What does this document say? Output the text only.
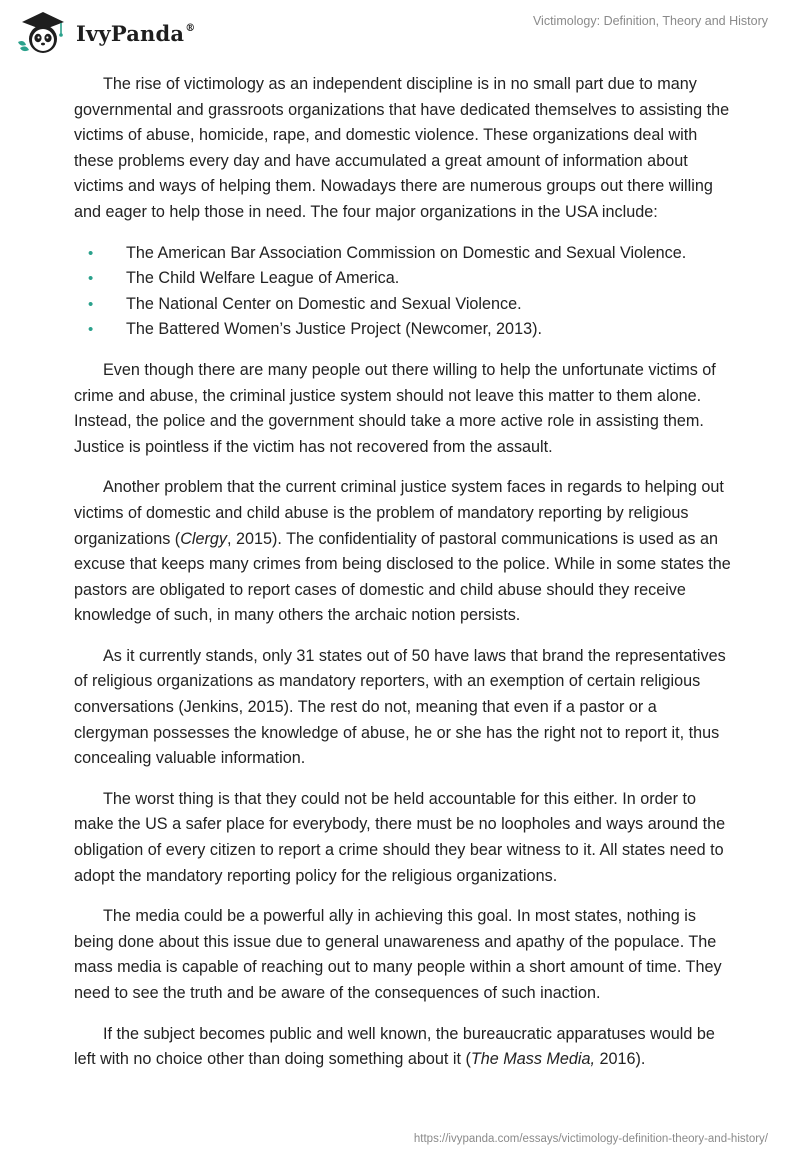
IvyPanda®	Victimology: Definition, Theory and History

The rise of victimology as an independent discipline is in no small part due to many governmental and grassroots organizations that have dedicated themselves to assisting the victims of abuse, homicide, rape, and domestic violence. These organizations deal with these problems every day and have accumulated a great amount of information about victims and ways of helping them. Nowadays there are numerous groups out there willing and eager to help those in need. The four major organizations in the USA include:

• The American Bar Association Commission on Domestic and Sexual Violence.
• The Child Welfare League of America.
• The National Center on Domestic and Sexual Violence.
• The Battered Women’s Justice Project (Newcomer, 2013).

Even though there are many people out there willing to help the unfortunate victims of crime and abuse, the criminal justice system should not leave this matter to them alone. Instead, the police and the government should take a more active role in assisting them. Justice is pointless if the victim has not recovered from the assault.

Another problem that the current criminal justice system faces in regards to helping out victims of domestic and child abuse is the problem of mandatory reporting by religious organizations (Clergy, 2015). The confidentiality of pastoral communications is used as an excuse that keeps many crimes from being disclosed to the police. While in some states the pastors are obligated to report cases of domestic and child abuse should they receive knowledge of such, in many others the archaic notion persists.

As it currently stands, only 31 states out of 50 have laws that brand the representatives of religious organizations as mandatory reporters, with an exemption of certain religious conversations (Jenkins, 2015). The rest do not, meaning that even if a pastor or a clergyman possesses the knowledge of abuse, he or she has the right not to report it, thus concealing valuable information.

The worst thing is that they could not be held accountable for this either. In order to make the US a safer place for everybody, there must be no loopholes and ways around the obligation of every citizen to report a crime should they bear witness to it. All states need to adopt the mandatory reporting policy for the religious organizations.

The media could be a powerful ally in achieving this goal. In most states, nothing is being done about this issue due to general unawareness and apathy of the populace. The mass media is capable of reaching out to many people within a short amount of time. They need to see the truth and be aware of the consequences of such inaction.

If the subject becomes public and well known, the bureaucratic apparatuses would be left with no choice other than doing something about it (The Mass Media, 2016).

https://ivypanda.com/essays/victimology-definition-theory-and-history/
